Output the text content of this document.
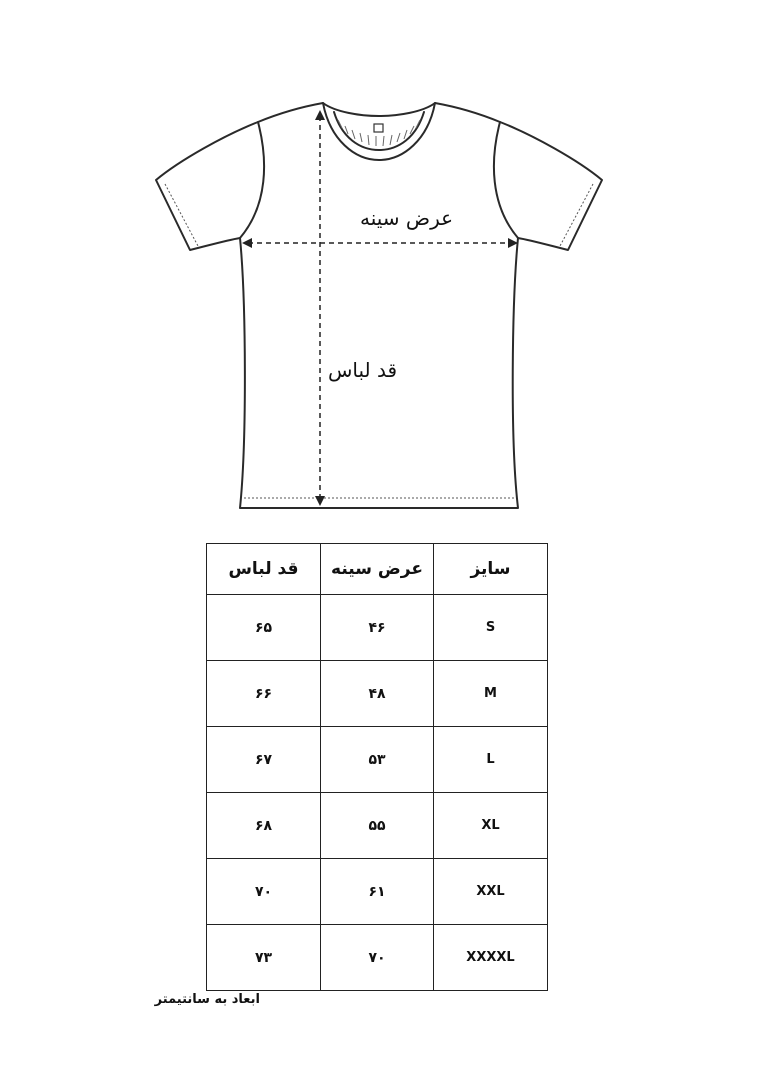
عرض سینه
قد لباس
سایز	عرض سینه	قد لباس
S	۴۶	۶۵
M	۴۸	۶۶
L	۵۳	۶۷
XL	۵۵	۶۸
XXL	۶۱	۷۰
XXXXL	۷۰	۷۳
ابعاد به سانتیمتر
